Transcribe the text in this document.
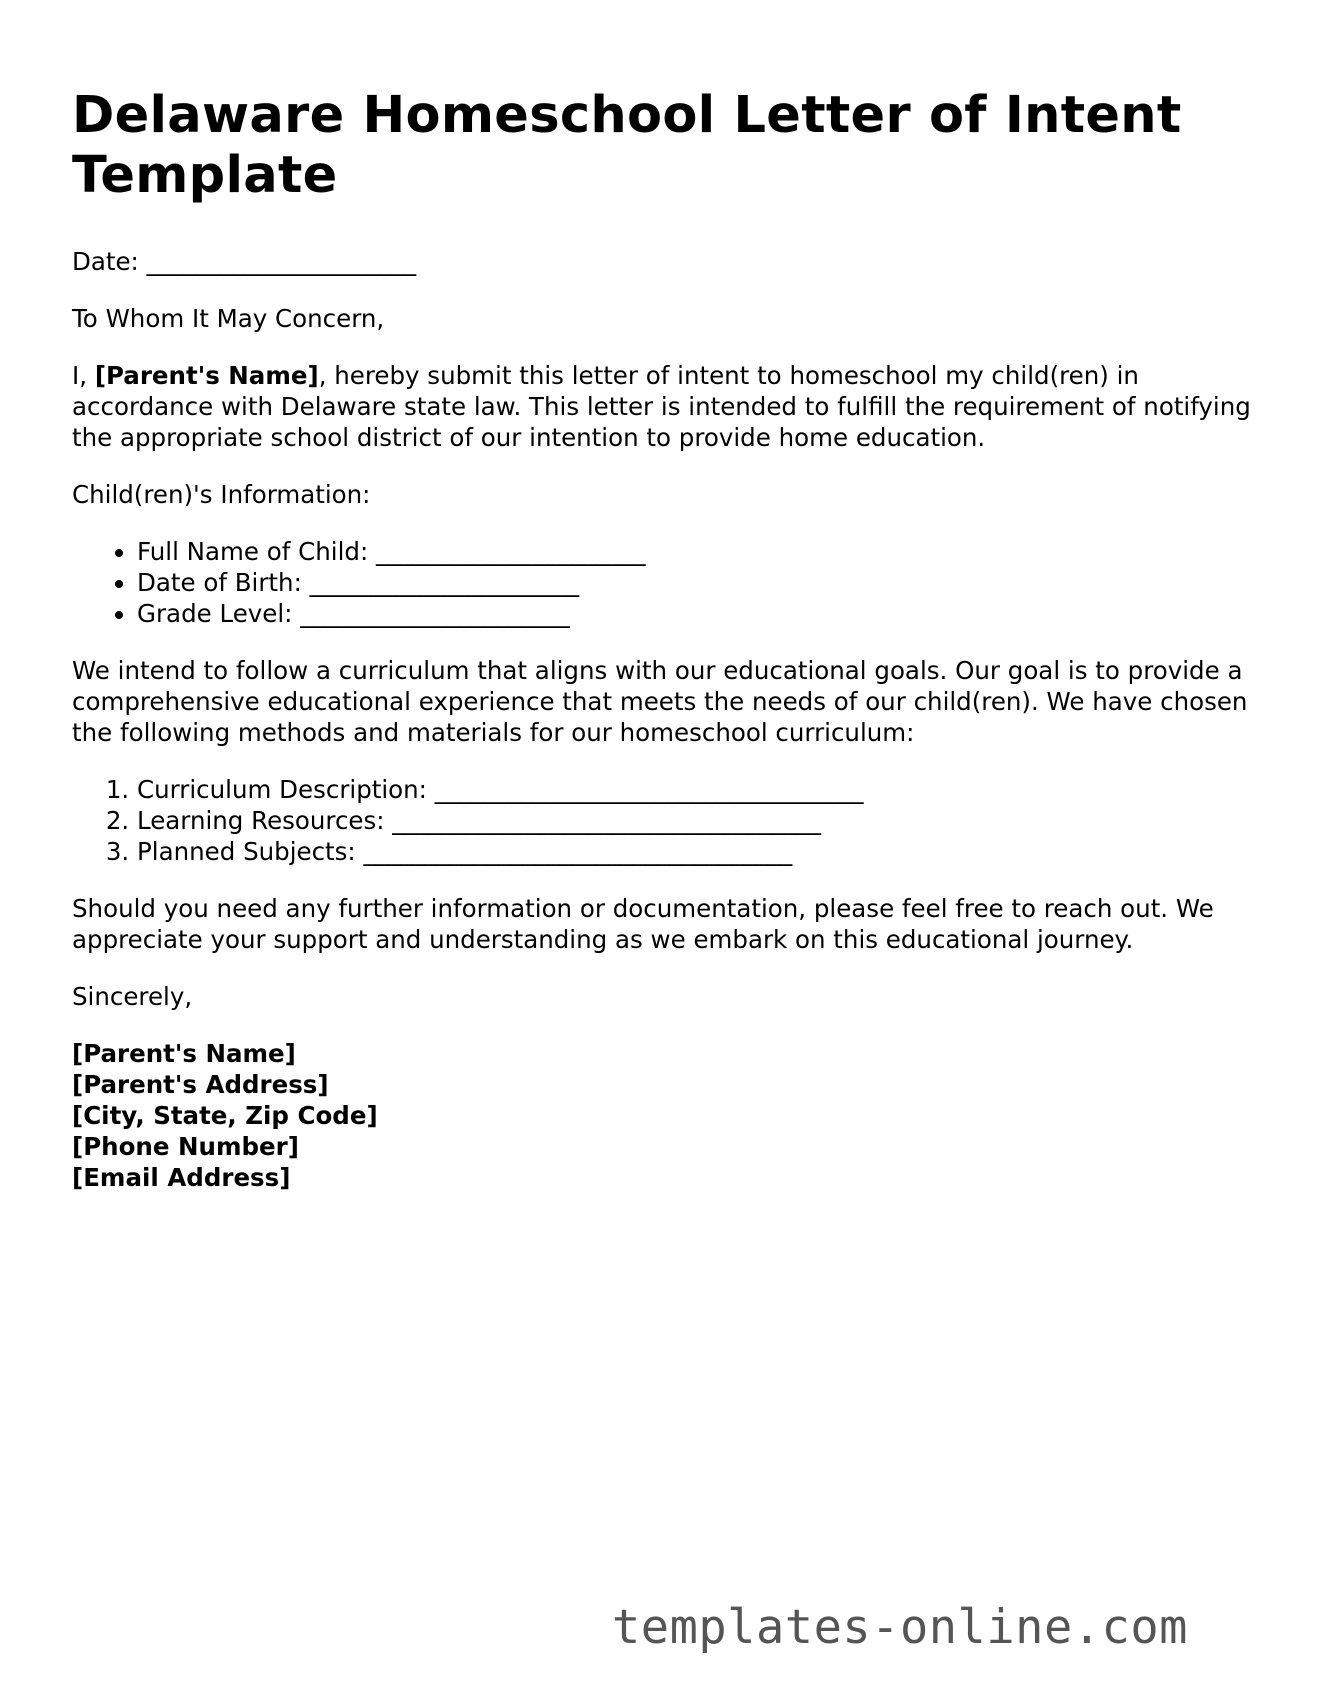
Delaware Homeschool Letter of Intent Template

Date: ______________________

To Whom It May Concern,

I, [Parent's Name], hereby submit this letter of intent to homeschool my child(ren) in accordance with Delaware state law. This letter is intended to fulfill the requirement of notifying the appropriate school district of our intention to provide home education.

Child(ren)'s Information:

• Full Name of Child: ______________________
• Date of Birth: ______________________
• Grade Level: ______________________

We intend to follow a curriculum that aligns with our educational goals. Our goal is to provide a comprehensive educational experience that meets the needs of our child(ren). We have chosen the following methods and materials for our homeschool curriculum:

1. Curriculum Description: ___________________________________
2. Learning Resources: ___________________________________
3. Planned Subjects: ___________________________________

Should you need any further information or documentation, please feel free to reach out. We appreciate your support and understanding as we embark on this educational journey.

Sincerely,

[Parent's Name]

[Parent's Address]

[City, State, Zip Code]

[Phone Number]

[Email Address]

templates-online.com
